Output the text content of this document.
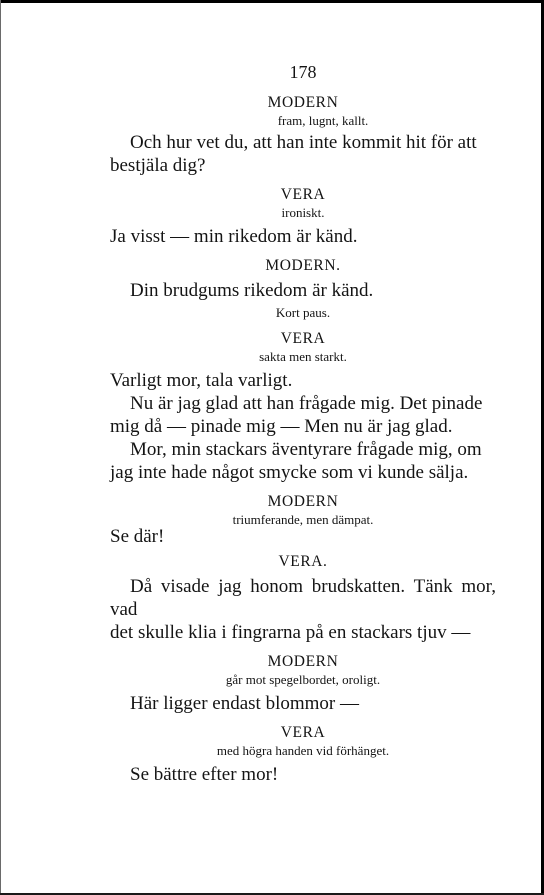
178
MODERN
fram, lugnt, kallt.
Och hur vet du, att han inte kommit hit för att
bestjäla dig?
VERA
ironiskt.
Ja visst — min rikedom är känd.
MODERN.
Din brudgums rikedom är känd.
Kort paus.
VERA
sakta men starkt.
Varligt mor, tala varligt.
Nu är jag glad att han frågade mig. Det pinade
mig då — pinade mig — Men nu är jag glad.
Mor, min stackars äventyrare frågade mig, om
jag inte hade något smycke som vi kunde sälja.
MODERN
triumferande, men dämpat.
Se där!
VERA.
Då visade jag honom brudskatten. Tänk mor, vad
det skulle klia i fingrarna på en stackars tjuv —
MODERN
går mot spegelbordet, oroligt.
Här ligger endast blommor —
VERA
med högra handen vid förhänget.
Se bättre efter mor!
